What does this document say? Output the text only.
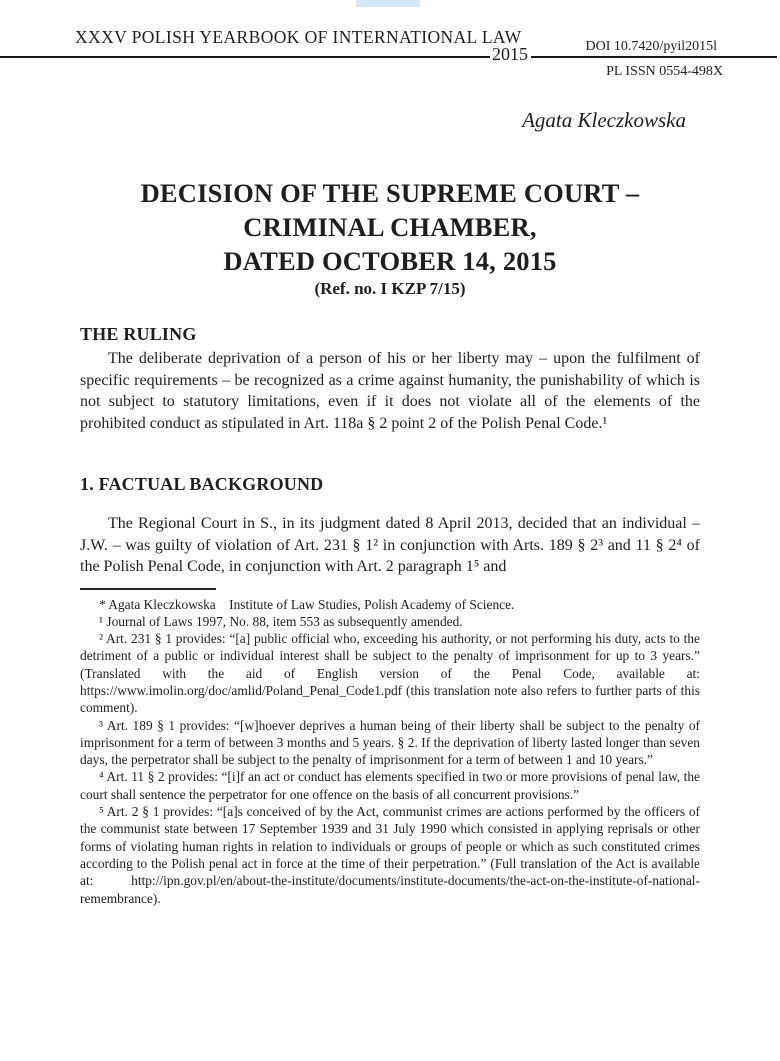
XXXV POLISH YEARBOOK OF INTERNATIONAL LAW	DOI 10.7420/pyil2015l
2015
PL ISSN 0554-498X
Agata Kleczkowska
DECISION OF THE SUPREME COURT –
CRIMINAL CHAMBER,
DATED OCTOBER 14, 2015
(Ref. no. I KZP 7/15)
THE RULING

The deliberate deprivation of a person of his or her liberty may – upon the fulfilment of specific requirements – be recognized as a crime against humanity, the punishability of which is not subject to statutory limitations, even if it does not violate all of the elements of the prohibited conduct as stipulated in Art. 118a § 2 point 2 of the Polish Penal Code.¹

1. FACTUAL BACKGROUND

The Regional Court in S., in its judgment dated 8 April 2013, decided that an individual – J.W. – was guilty of violation of Art. 231 § 1² in conjunction with Arts. 189 § 2³ and 11 § 2⁴ of the Polish Penal Code, in conjunction with Art. 2 paragraph 1⁵ and

* Agata Kleczkowska  Institute of Law Studies, Polish Academy of Science.

¹ Journal of Laws 1997, No. 88, item 553 as subsequently amended.

² Art. 231 § 1 provides: “[a] public official who, exceeding his authority, or not performing his duty, acts to the detriment of a public or individual interest shall be subject to the penalty of imprisonment for up to 3 years.” (Translated with the aid of English version of the Penal Code, available at: https://www.imolin.org/doc/amlid/Poland_Penal_Code1.pdf (this translation note also refers to further parts of this comment).

³ Art. 189 § 1 provides: “[w]hoever deprives a human being of their liberty shall be subject to the penalty of imprisonment for a term of between 3 months and 5 years. § 2. If the deprivation of liberty lasted longer than seven days, the perpetrator shall be subject to the penalty of imprisonment for a term of between 1 and 10 years.”

⁴ Art. 11 § 2 provides: “[i]f an act or conduct has elements specified in two or more provisions of penal law, the court shall sentence the perpetrator for one offence on the basis of all concurrent provisions.”

⁵ Art. 2 § 1 provides: “[a]s conceived of by the Act, communist crimes are actions performed by the officers of the communist state between 17 September 1939 and 31 July 1990 which consisted in applying reprisals or other forms of violating human rights in relation to individuals or groups of people or which as such constituted crimes according to the Polish penal act in force at the time of their perpetration.” (Full translation of the Act is available at: http://ipn.gov.pl/en/about-the-institute/documents/institute-documents/the-act-on-the-institute-of-national-remembrance).
